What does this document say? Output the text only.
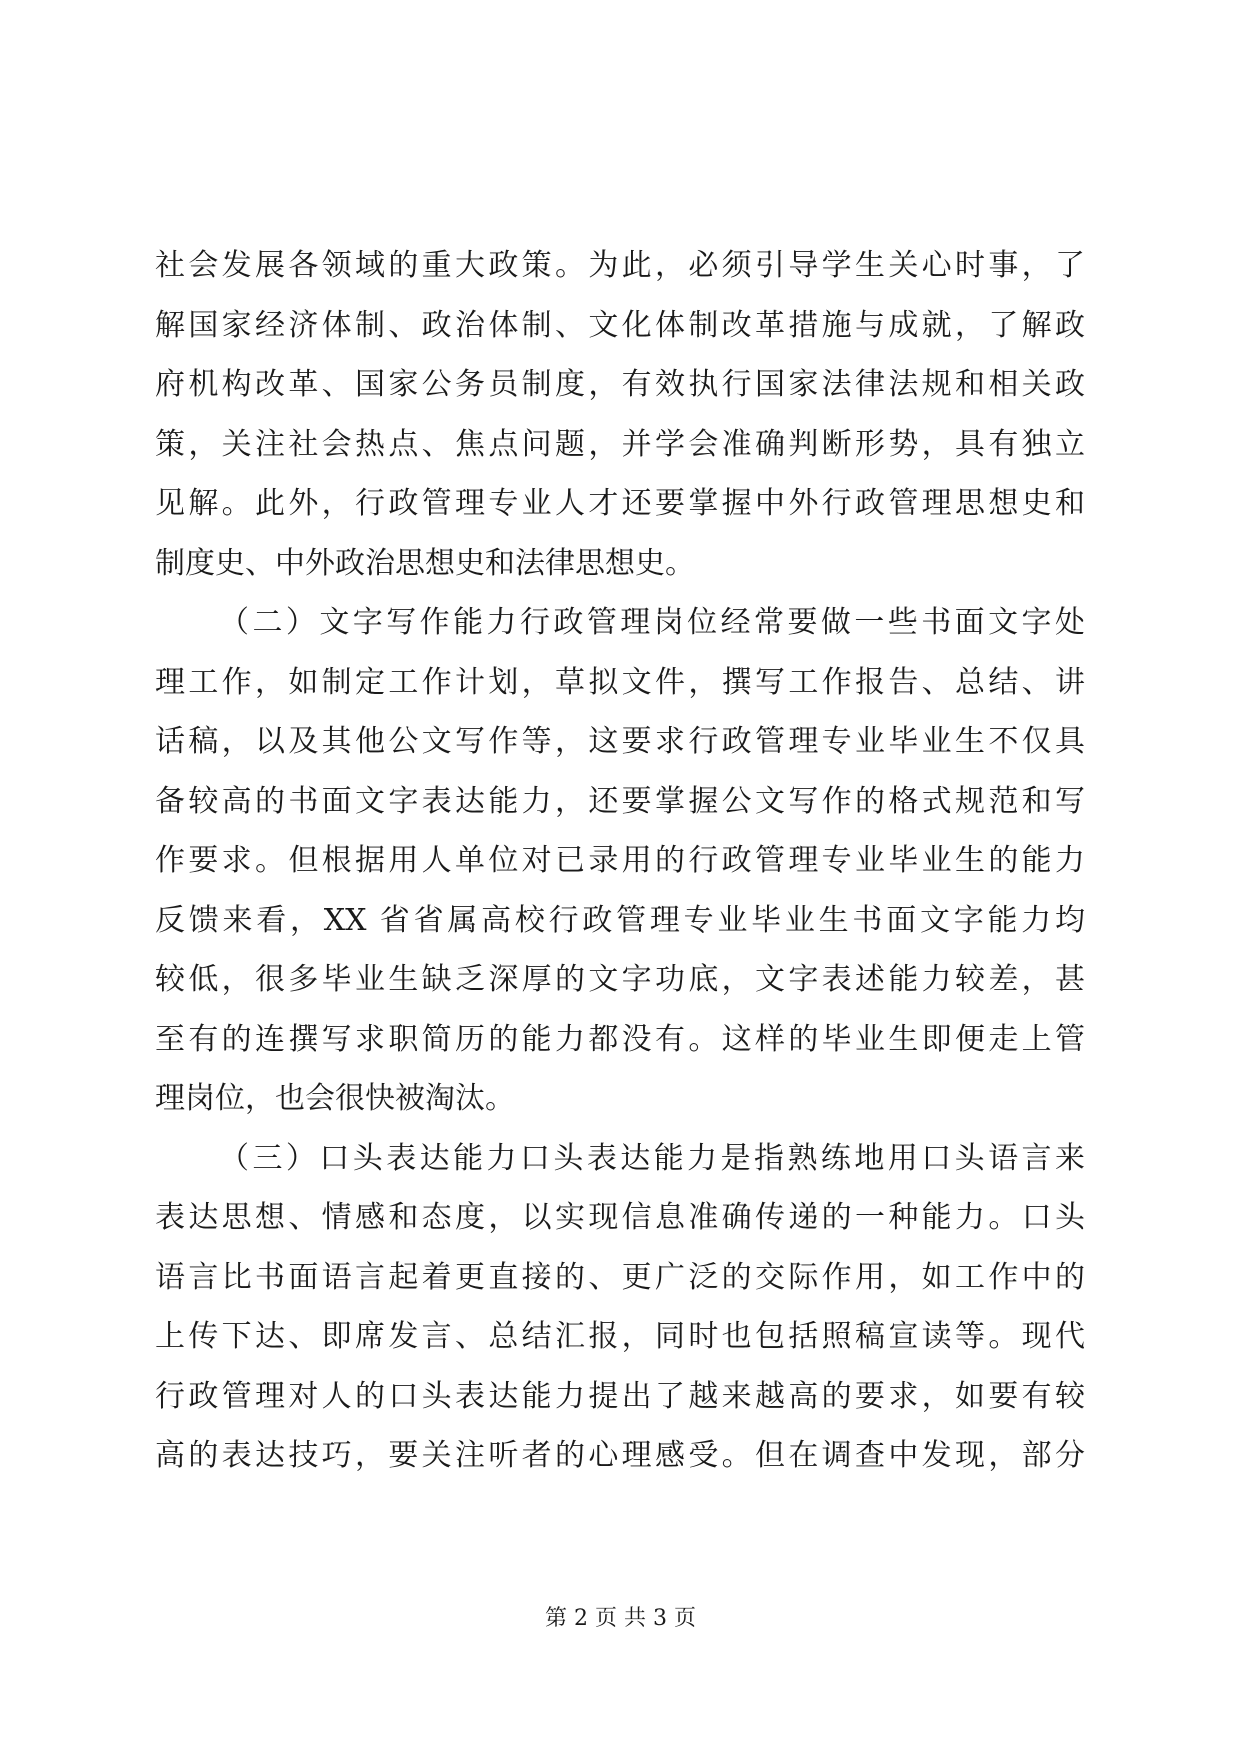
社会发展各领域的重大政策。为此，必须引导学生关心时事，了
解国家经济体制、政治体制、文化体制改革措施与成就，了解政
府机构改革、国家公务员制度，有效执行国家法律法规和相关政
策，关注社会热点、焦点问题，并学会准确判断形势，具有独立
见解。此外，行政管理专业人才还要掌握中外行政管理思想史和
制度史、中外政治思想史和法律思想史。
（二）文字写作能力行政管理岗位经常要做一些书面文字处
理工作，如制定工作计划，草拟文件，撰写工作报告、总结、讲
话稿，以及其他公文写作等，这要求行政管理专业毕业生不仅具
备较高的书面文字表达能力，还要掌握公文写作的格式规范和写
作要求。但根据用人单位对已录用的行政管理专业毕业生的能力
反馈来看，XX 省省属高校行政管理专业毕业生书面文字能力均
较低，很多毕业生缺乏深厚的文字功底，文字表述能力较差，甚
至有的连撰写求职简历的能力都没有。这样的毕业生即便走上管
理岗位，也会很快被淘汰。
（三）口头表达能力口头表达能力是指熟练地用口头语言来
表达思想、情感和态度，以实现信息准确传递的一种能力。口头
语言比书面语言起着更直接的、更广泛的交际作用，如工作中的
上传下达、即席发言、总结汇报，同时也包括照稿宣读等。现代
行政管理对人的口头表达能力提出了越来越高的要求，如要有较
高的表达技巧，要关注听者的心理感受。但在调查中发现，部分
第 2 页 共 3 页
